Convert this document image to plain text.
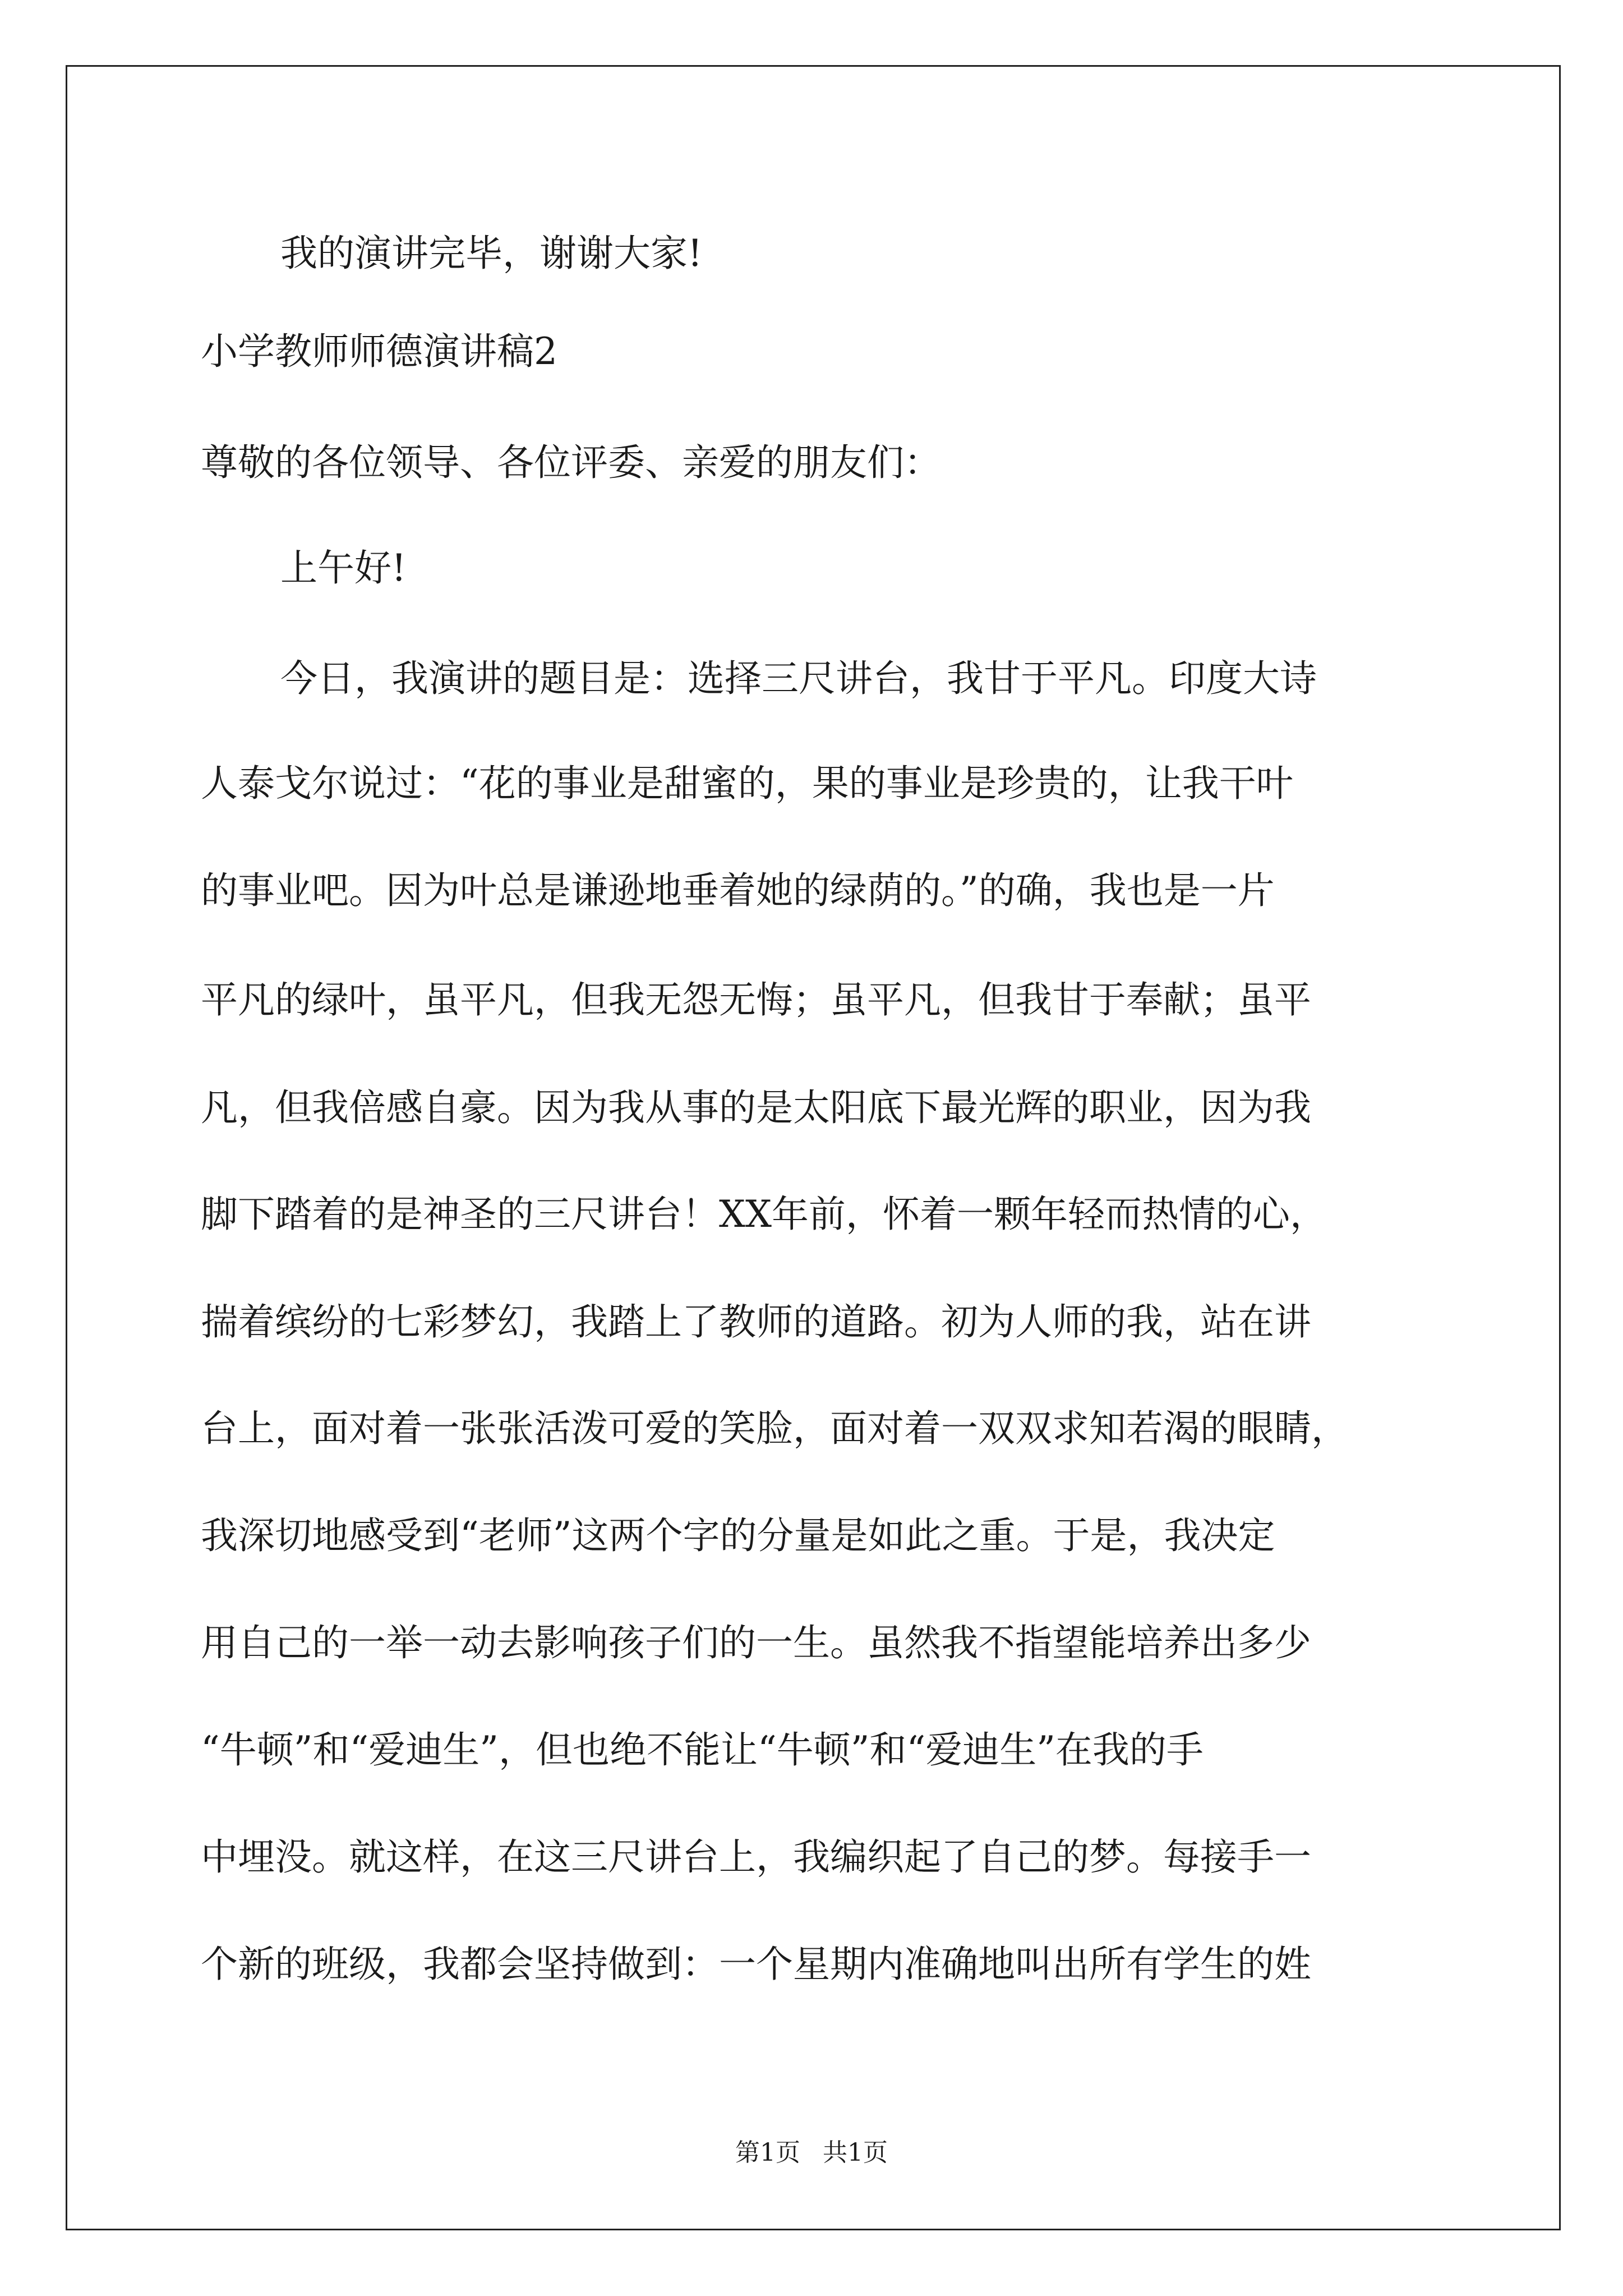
我的演讲完毕，谢谢大家!
小学教师师德演讲稿2
尊敬的各位领导、各位评委、亲爱的朋友们：
上午好!
今日，我演讲的题目是：选择三尺讲台，我甘于平凡。印度大诗
人泰戈尔说过：“花的事业是甜蜜的，果的事业是珍贵的，让我干叶
的事业吧。因为叶总是谦逊地垂着她的绿荫的。”的确，我也是一片
平凡的绿叶，虽平凡，但我无怨无悔；虽平凡，但我甘于奉献；虽平
凡，但我倍感自豪。因为我从事的是太阳底下最光辉的职业，因为我
脚下踏着的是神圣的三尺讲台！XX年前，怀着一颗年轻而热情的心，
揣着缤纷的七彩梦幻，我踏上了教师的道路。初为人师的我，站在讲
台上，面对着一张张活泼可爱的笑脸，面对着一双双求知若渴的眼睛，
我深切地感受到“老师”这两个字的分量是如此之重。于是，我决定
用自己的一举一动去影响孩子们的一生。虽然我不指望能培养出多少
“牛顿”和“爱迪生”，但也绝不能让“牛顿”和“爱迪生”在我的手
中埋没。就这样，在这三尺讲台上，我编织起了自己的梦。每接手一
个新的班级，我都会坚持做到：一个星期内准确地叫出所有学生的姓
第1页 共1页
